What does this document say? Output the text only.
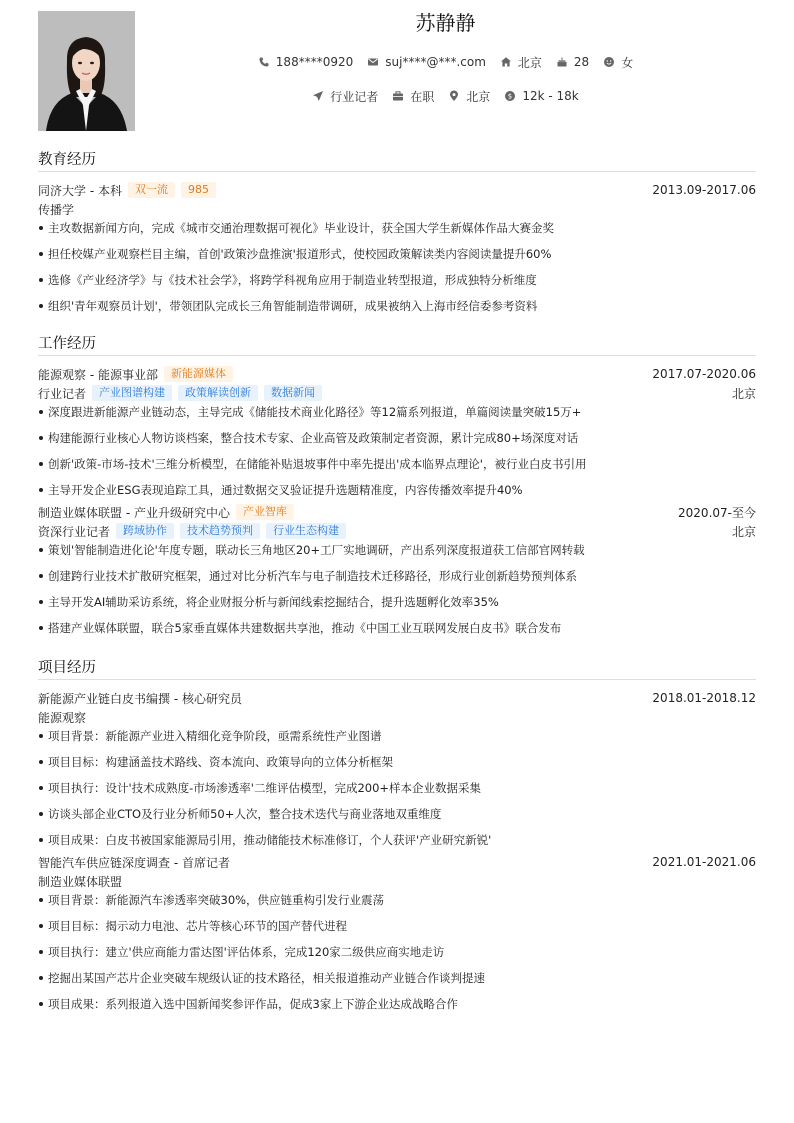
苏静静
188****0920	suj****@***.com	北京	28	女
行业记者	在职	北京	$ 12k - 18k
教育经历
同济大学 - 本科	双一流	985	2013.09-2017.06
传播学
主攻数据新闻方向，完成《城市交通治理数据可视化》毕业设计，获全国大学生新媒体作品大赛金奖
担任校媒产业观察栏目主编，首创'政策沙盘推演'报道形式，使校园政策解读类内容阅读量提升60%
选修《产业经济学》与《技术社会学》，将跨学科视角应用于制造业转型报道，形成独特分析维度
组织'青年观察员计划'，带领团队完成长三角智能制造带调研，成果被纳入上海市经信委参考资料
工作经历
能源观察 - 能源事业部	新能源媒体	2017.07-2020.06
行业记者	产业图谱构建	政策解读创新	数据新闻	北京
深度跟进新能源产业链动态，主导完成《储能技术商业化路径》等12篇系列报道，单篇阅读量突破15万+
构建能源行业核心人物访谈档案，整合技术专家、企业高管及政策制定者资源，累计完成80+场深度对话
创新'政策-市场-技术'三维分析模型，在储能补贴退坡事件中率先提出'成本临界点理论'，被行业白皮书引用
主导开发企业ESG表现追踪工具，通过数据交叉验证提升选题精准度，内容传播效率提升40%
制造业媒体联盟 - 产业升级研究中心	产业智库	2020.07-至今
资深行业记者	跨域协作	技术趋势预判	行业生态构建	北京
策划'智能制造进化论'年度专题，联动长三角地区20+工厂实地调研，产出系列深度报道获工信部官网转载
创建跨行业技术扩散研究框架，通过对比分析汽车与电子制造技术迁移路径，形成行业创新趋势预判体系
主导开发AI辅助采访系统，将企业财报分析与新闻线索挖掘结合，提升选题孵化效率35%
搭建产业媒体联盟，联合5家垂直媒体共建数据共享池，推动《中国工业互联网发展白皮书》联合发布
项目经历
新能源产业链白皮书编撰 - 核心研究员	2018.01-2018.12
能源观察
项目背景：新能源产业进入精细化竞争阶段，亟需系统性产业图谱
项目目标：构建涵盖技术路线、资本流向、政策导向的立体分析框架
项目执行：设计'技术成熟度-市场渗透率'二维评估模型，完成200+样本企业数据采集
访谈头部企业CTO及行业分析师50+人次，整合技术迭代与商业落地双重维度
项目成果：白皮书被国家能源局引用，推动储能技术标准修订，个人获评'产业研究新锐'
智能汽车供应链深度调查 - 首席记者	2021.01-2021.06
制造业媒体联盟
项目背景：新能源汽车渗透率突破30%，供应链重构引发行业震荡
项目目标：揭示动力电池、芯片等核心环节的国产替代进程
项目执行：建立'供应商能力雷达图'评估体系，完成120家二级供应商实地走访
挖掘出某国产芯片企业突破车规级认证的技术路径，相关报道推动产业链合作谈判提速
项目成果：系列报道入选中国新闻奖参评作品，促成3家上下游企业达成战略合作
